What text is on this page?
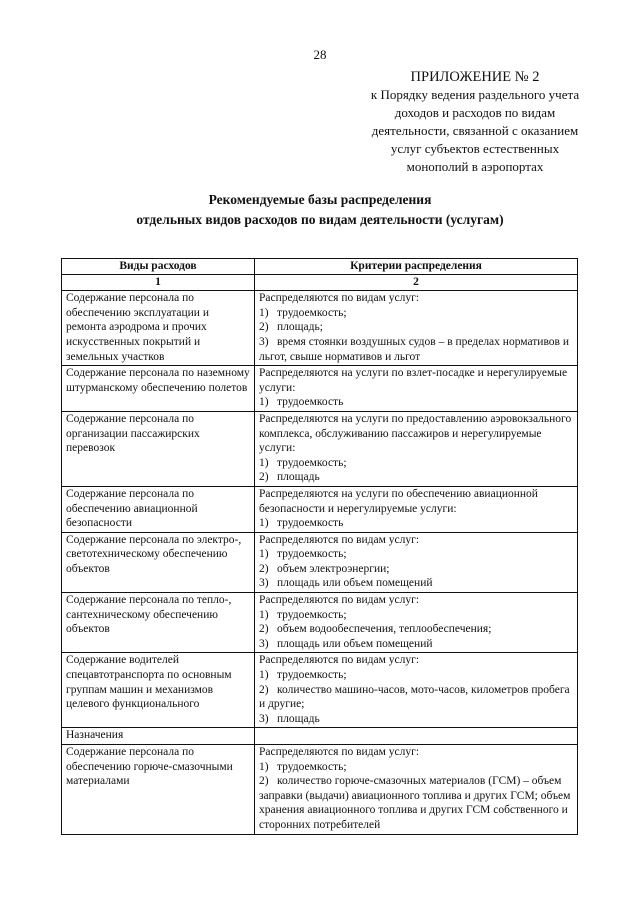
28
ПРИЛОЖЕНИЕ № 2
к Порядку ведения раздельного учета
доходов и расходов по видам
деятельности, связанной с оказанием
услуг субъектов естественных
монополий в аэропортах
Рекомендуемые базы распределения
отдельных видов расходов по видам деятельности (услугам)
Виды расходов	Критерии распределения
1	2
Содержание персонала по обеспечению эксплуатации и ремонта аэродрома и прочих искусственных покрытий и земельных участков	Распределяются по видам услуг:
1) трудоемкость;
2) площадь;
3) время стоянки воздушных судов – в пределах нормативов и льгот, свыше нормативов и льгот

Содержание персонала по наземному штурманскому обеспечению полетов	Распределяются на услуги по взлет-посадке и нерегулируемые услуги:
1) трудоемкость

Содержание персонала по организации пассажирских перевозок	Распределяются на услуги по предоставлению аэровокзального комплекса, обслуживанию пассажиров и нерегулируемые услуги:
1) трудоемкость;
2) площадь

Содержание персонала по обеспечению авиационной безопасности	Распределяются на услуги по обеспечению авиационной безопасности и нерегулируемые услуги:
1) трудоемкость

Содержание персонала по электро-, светотехническому обеспечению объектов	Распределяются по видам услуг:
1) трудоемкость;
2) объем электроэнергии;
3) площадь или объем помещений

Содержание персонала по тепло-, сантехническому обеспечению объектов	Распределяются по видам услуг:
1) трудоемкость;
2) объем водообеспечения, теплообеспечения;
3) площадь или объем помещений

Содержание водителей спецавтотранспорта по основным группам машин и механизмов целевого функционального	Распределяются по видам услуг:
1) трудоемкость;
2) количество машино-часов, мото-часов, километров пробега и другие;
3) площадь

Назначения	
Содержание персонала по обеспечению горюче-смазочными материалами	Распределяются по видам услуг:
1) трудоемкость;
2) количество горюче-смазочных материалов (ГСМ) – объем заправки (выдачи) авиационного топлива и других ГСМ; объем хранения авиационного топлива и других ГСМ собственного и сторонних потребителей
